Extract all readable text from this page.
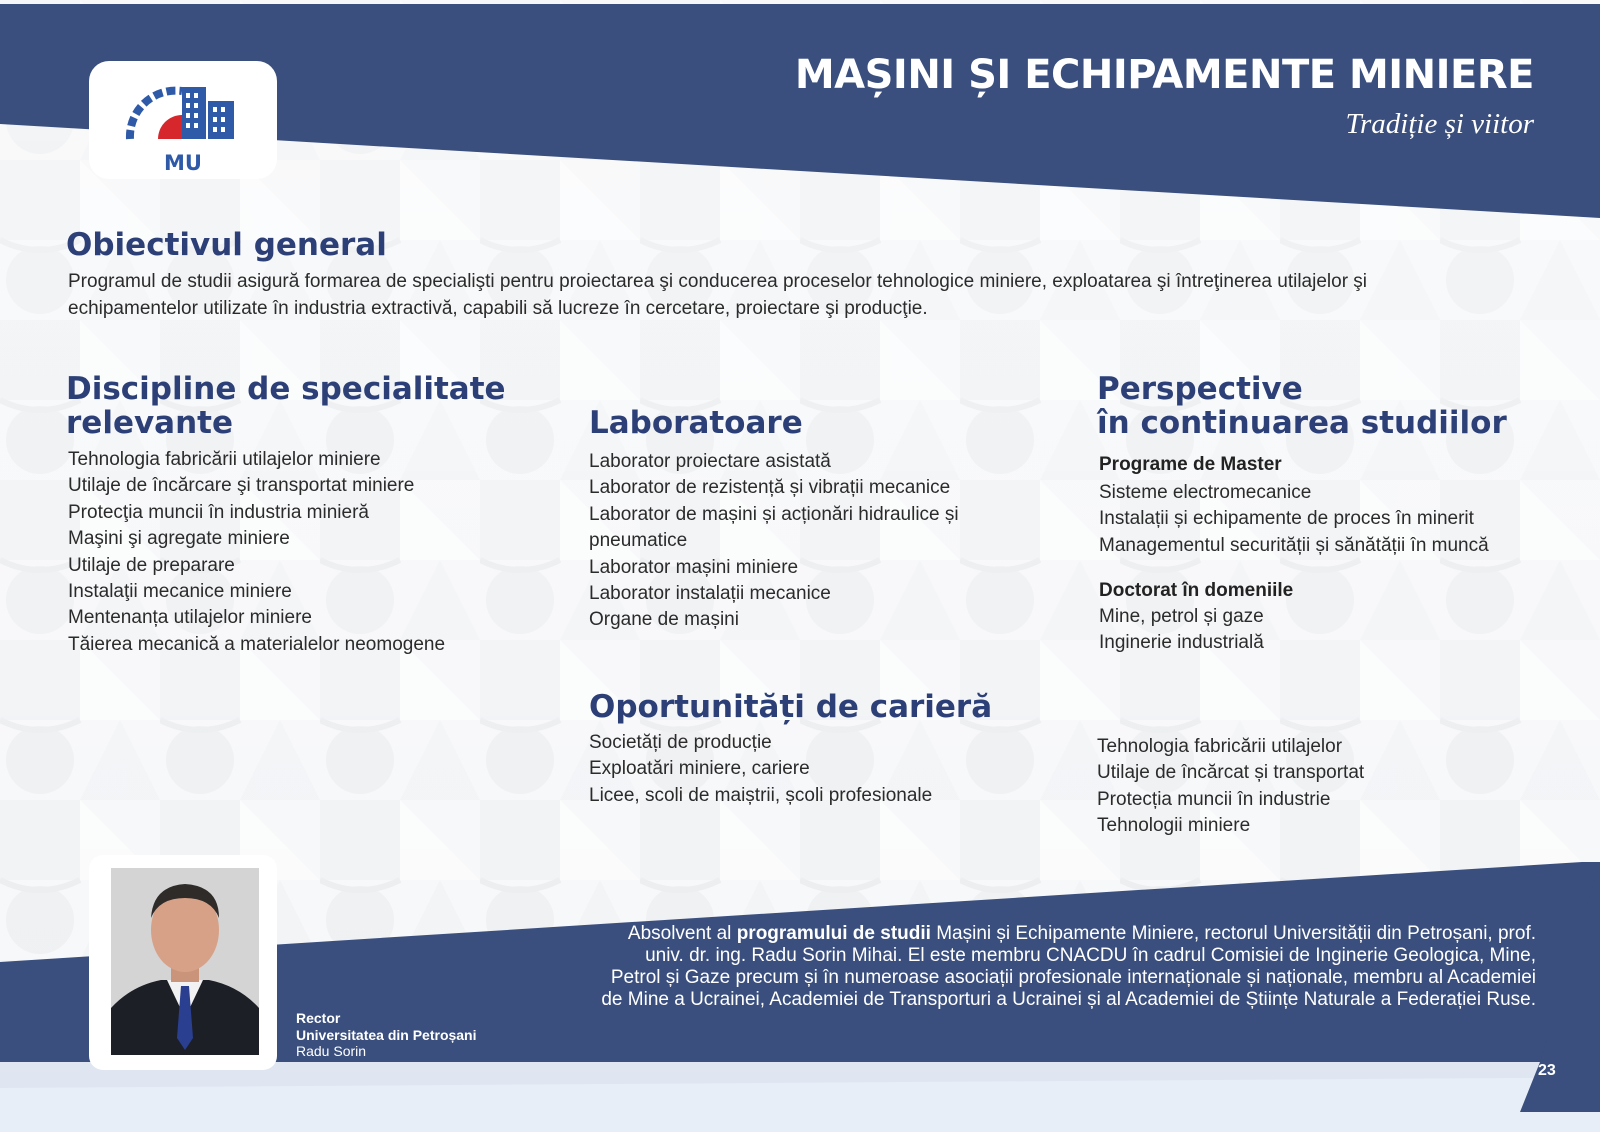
MAȘINI ȘI ECHIPAMENTE MINIERE
Tradiție și viitor
MU
Obiectivul general
Programul de studii asigură formarea de specialişti pentru proiectarea şi conducerea proceselor tehnologice miniere, exploatarea şi întreţinerea utilajelor şi echipamentelor utilizate în industria extractivă, capabili să lucreze în cercetare, proiectare şi producţie.
Discipline de specialitate
relevante
Tehnologia fabricării utilajelor miniere
Utilaje de încărcare şi transportat miniere
Protecţia muncii în industria minieră
Maşini şi agregate miniere
Utilaje de preparare
Instalaţii mecanice miniere
Mentenanța utilajelor miniere
Tăierea mecanică a materialelor neomogene
Laboratoare
Laborator proiectare asistată
Laborator de rezistență și vibrații mecanice
Laborator de mașini și acționări hidraulice și
pneumatice
Laborator mașini miniere
Laborator instalații mecanice
Organe de mașini
Perspective
în continuarea studiilor
Programe de Master
Sisteme electromecanice
Instalații și echipamente de proces în minerit
Managementul securității și sănătății în muncă
Doctorat în domeniile
Mine, petrol și gaze
Inginerie industrială
Oportunități de carieră
Societăți de producție
Exploatări miniere, cariere
Licee, scoli de maiștrii, școli profesionale
Tehnologia fabricării utilajelor
Utilaje de încărcat și transportat
Protecția muncii în industrie
Tehnologii miniere
Rector
Universitatea din Petroșani
Radu Sorin
Absolvent al programului de studii Mașini și Echipamente Miniere, rectorul Universității din Petroșani, prof. univ. dr. ing. Radu Sorin Mihai. El este membru CNACDU în cadrul Comisiei de Inginerie Geologica, Mine, Petrol și Gaze precum și în numeroase asociații profesionale internaționale și naționale, membru al Academiei de Mine a Ucrainei, Academiei de Transporturi a Ucrainei și al Academiei de Științe Naturale a Federației Ruse.
23
